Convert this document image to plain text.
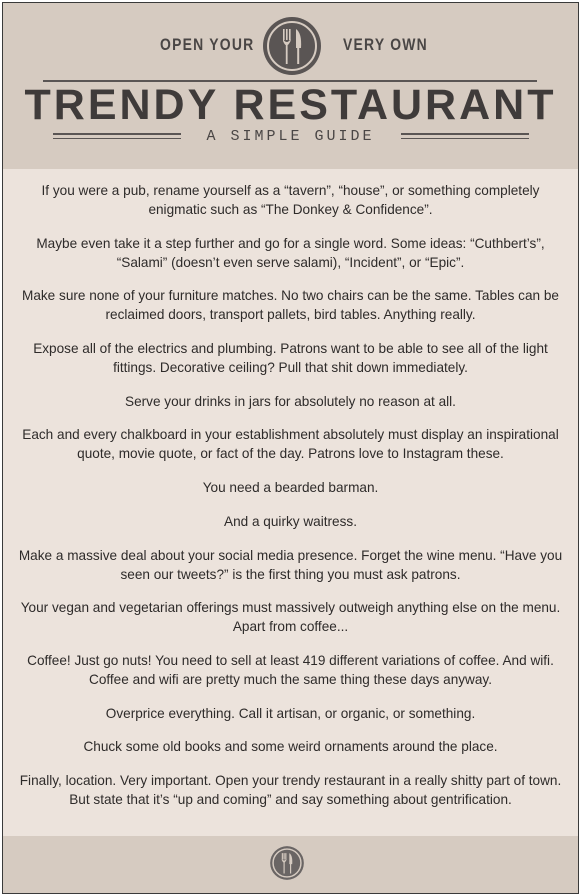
OPEN YOUR	VERY OWN
TRENDY RESTAURANT
A SIMPLE GUIDE

If you were a pub, rename yourself as a “tavern”, “house”, or something completely enigmatic such as “The Donkey & Confidence”.

Maybe even take it a step further and go for a single word. Some ideas: “Cuthbert’s”, “Salami” (doesn’t even serve salami), “Incident”, or “Epic”.

Make sure none of your furniture matches. No two chairs can be the same. Tables can be reclaimed doors, transport pallets, bird tables. Anything really.

Expose all of the electrics and plumbing. Patrons want to be able to see all of the light fittings. Decorative ceiling? Pull that shit down immediately.

Serve your drinks in jars for absolutely no reason at all.

Each and every chalkboard in your establishment absolutely must display an inspirational quote, movie quote, or fact of the day. Patrons love to Instagram these.

You need a bearded barman.

And a quirky waitress.

Make a massive deal about your social media presence. Forget the wine menu. “Have you seen our tweets?” is the first thing you must ask patrons.

Your vegan and vegetarian offerings must massively outweigh anything else on the menu. Apart from coffee...

Coffee! Just go nuts! You need to sell at least 419 different variations of coffee. And wifi. Coffee and wifi are pretty much the same thing these days anyway.

Overprice everything. Call it artisan, or organic, or something.

Chuck some old books and some weird ornaments around the place.

Finally, location. Very important. Open your trendy restaurant in a really shitty part of town. But state that it’s “up and coming” and say something about gentrification.
